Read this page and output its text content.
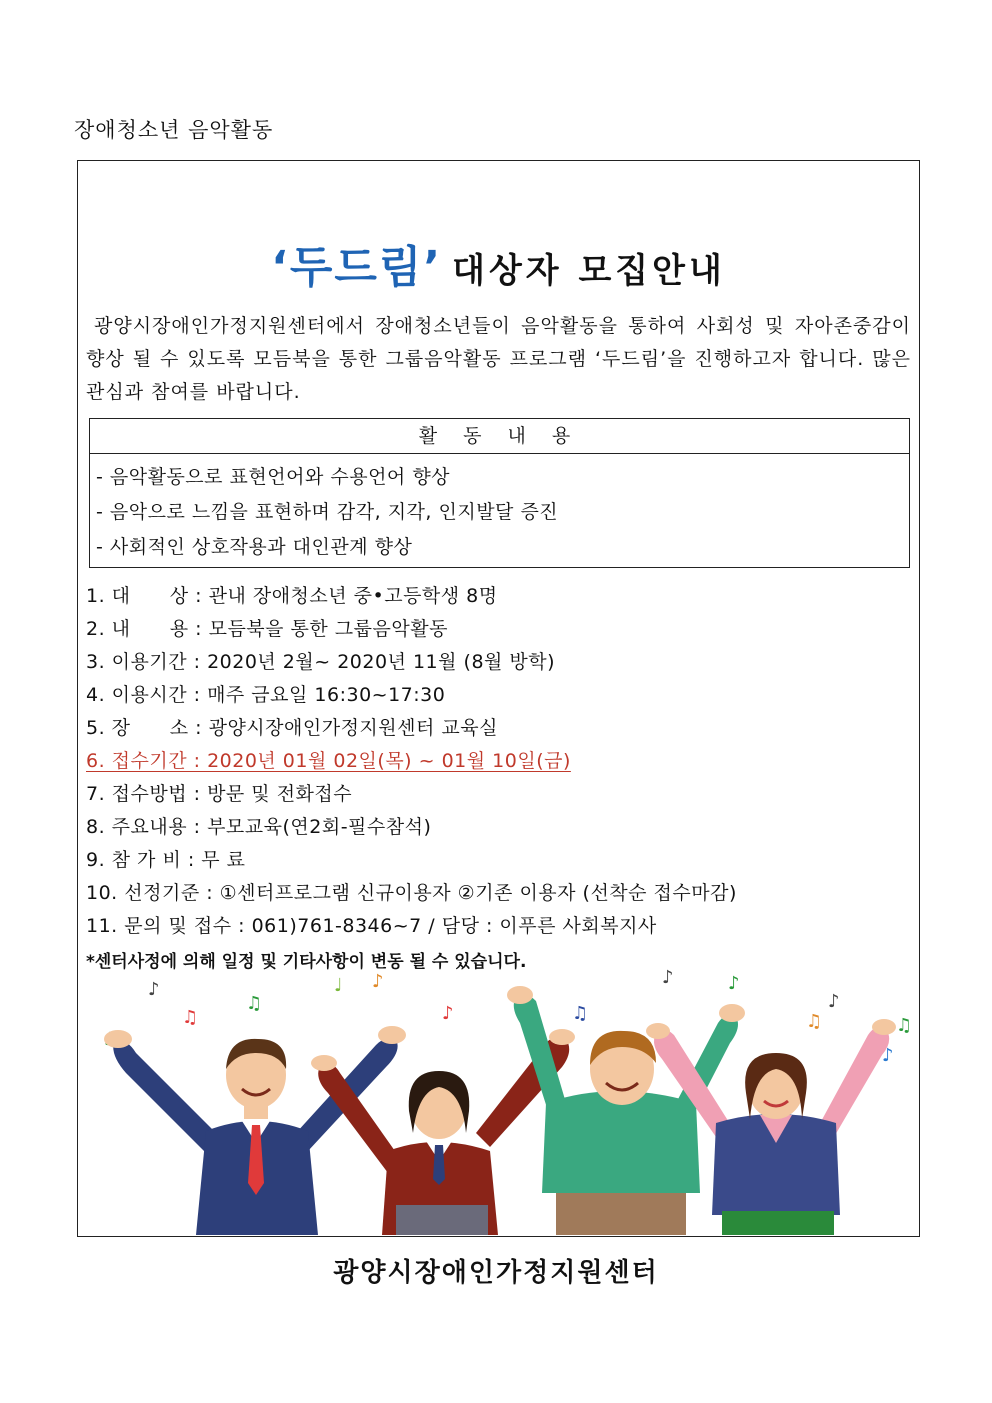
장애청소년 음악활동
‘두드림’ 대상자 모집안내

광양시장애인가정지원센터에서 장애청소년들이 음악활동을 통하여 사회성 및 자아존중감이 향상 될 수 있도록 모듬북을 통한 그룹음악활동 프로그램 ‘두드림’을 진행하고자 합니다. 많은 관심과 참여를 바랍니다.

활 동 내 용
- 음악활동으로 표현언어와 수용언어 향상
- 음악으로 느낌을 표현하며 감각, 지각, 인지발달 증진
- 사회적인 상호작용과 대인관계 향상
1. 대      상 : 관내 장애청소년 중•고등학생 8명
2. 내      용 : 모듬북을 통한 그룹음악활동
3. 이용기간 : 2020년 2월~ 2020년 11월 (8월 방학)
4. 이용시간 : 매주 금요일 16:30~17:30
5. 장      소 : 광양시장애인가정지원센터 교육실
6. 접수기간 : 2020년 01월 02일(목) ~ 01월 10일(금)
7. 접수방법 : 방문 및 전화접수
8. 주요내용 : 부모교육(연2회-필수참석)
9. 참 가 비 : 무 료
10. 선정기준 : ①센터프로그램 신규이용자 ②기존 이용자 (선착순 접수마감)
11. 문의 및 접수 : 061)761-8346~7 / 담당 : 이푸른 사회복지사
*센터사정에 의해 일정 및 기타사항이 변동 될 수 있습니다.
♪
♫
♫
♩ ♪
♪	♫
♪	♪
♫
♪
♫
♪
광양시장애인가정지원센터
